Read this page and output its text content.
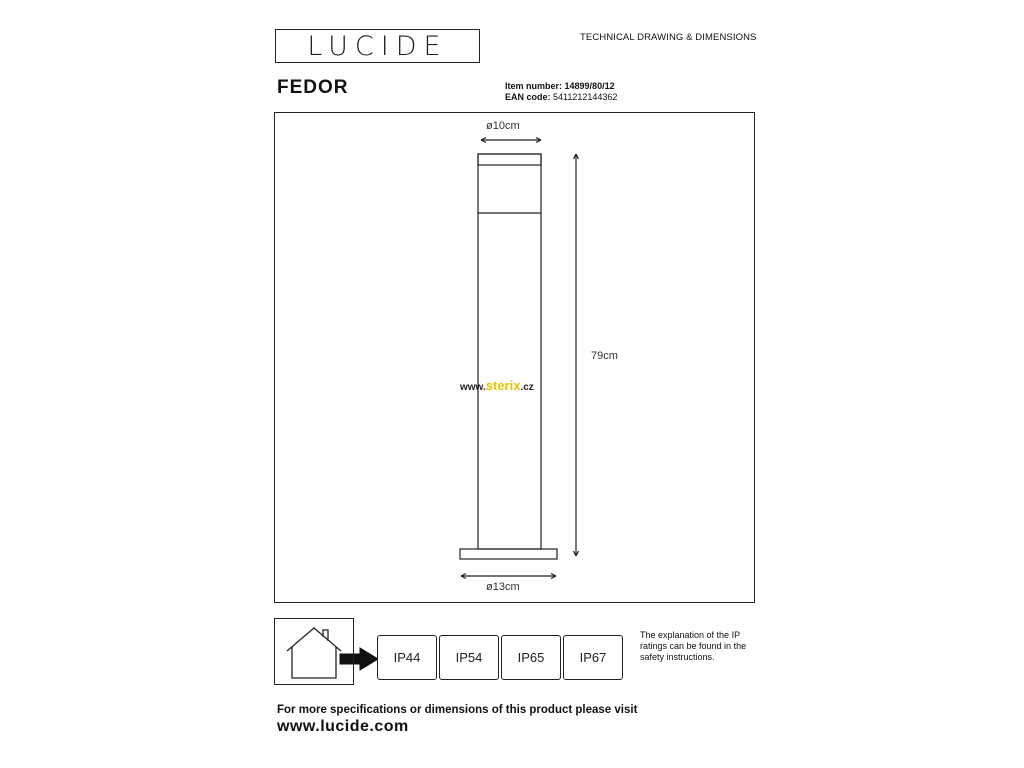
LUCIDE	TECHNICAL DRAWING & DIMENSIONS
FEDOR	Item number: 14899/80/12
EAN code: 5411212144362
ø10cm
ø13cm
79cm
www.sterix.cz
IP44	IP54	IP65	IP67
The explanation of the IP ratings can be found in the safety instructions.
For more specifications or dimensions of this product please visit
www.lucide.com
